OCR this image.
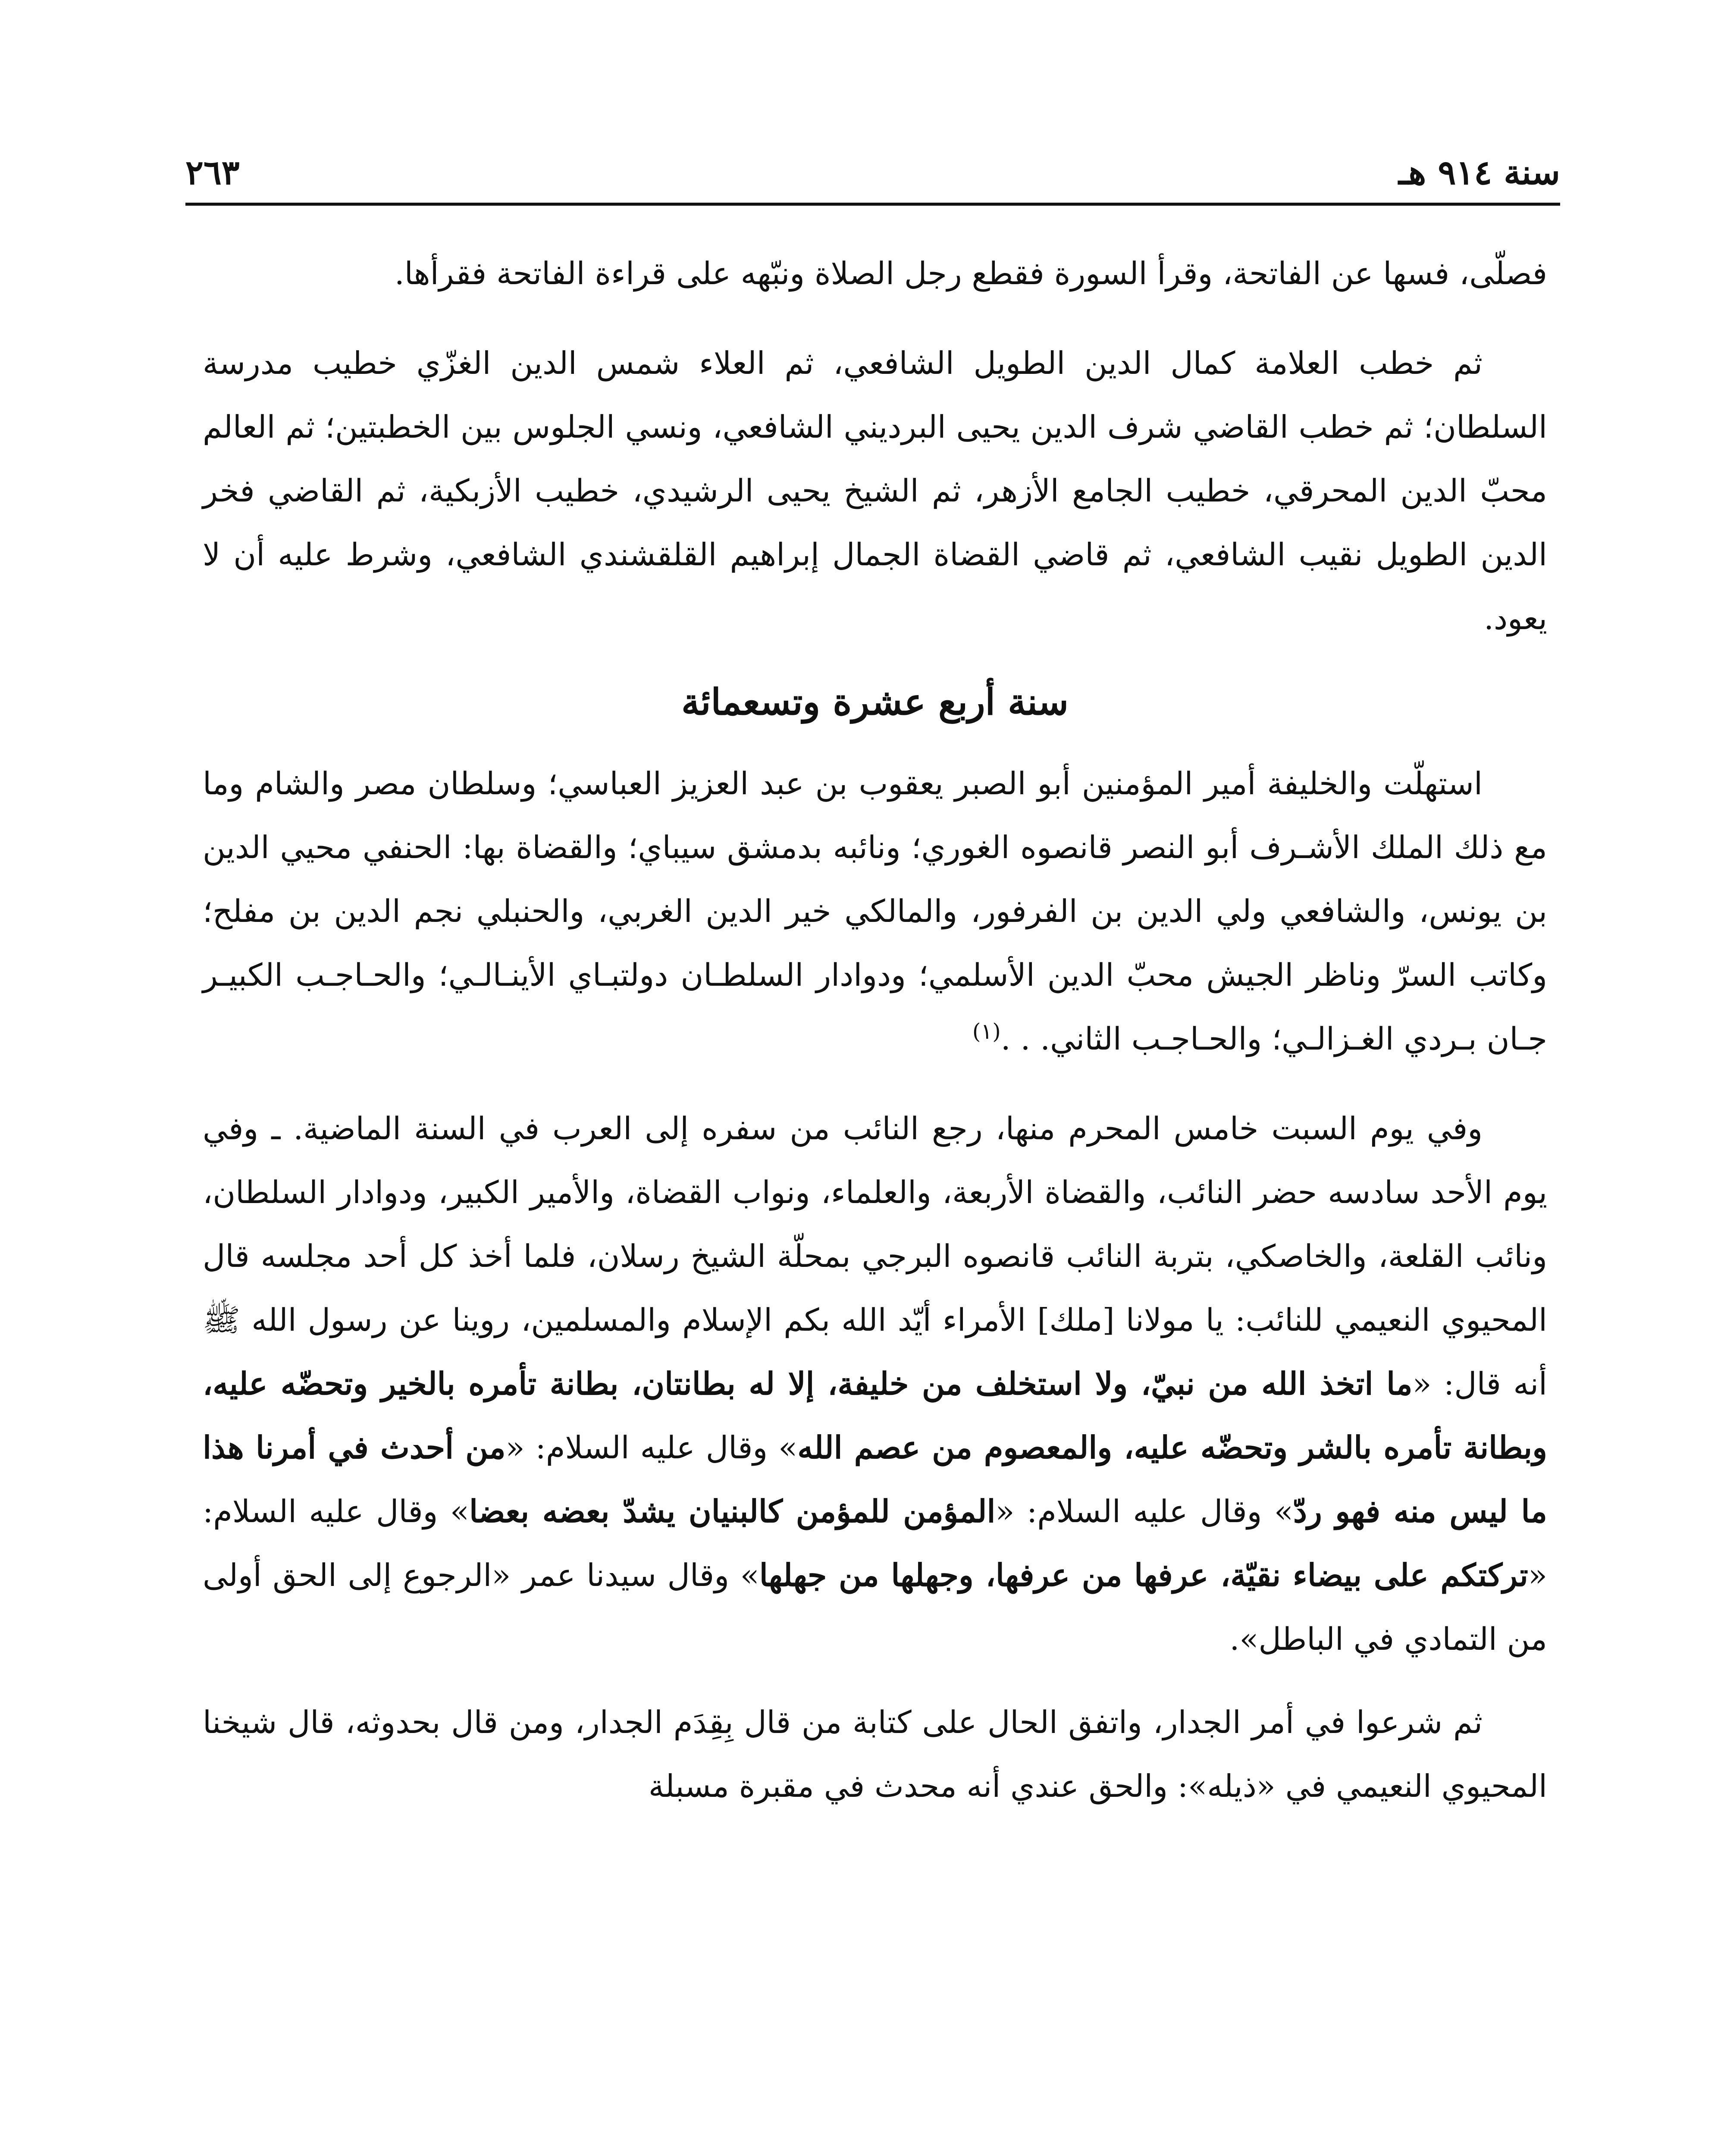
سنة ٩١٤ هـ
٢٦٣

فصلّى، فسها عن الفاتحة، وقرأ السورة فقطع رجل الصلاة ونبّهه على قراءة الفاتحة فقرأها.

ثم خطب العلامة كمال الدين الطويل الشافعي، ثم العلاء شمس الدين الغزّي خطيب مدرسة السلطان؛ ثم خطب القاضي شرف الدين يحيى البرديني الشافعي، ونسي الجلوس بين الخطبتين؛ ثم العالم محبّ الدين المحرقي، خطيب الجامع الأزهر، ثم الشيخ يحيى الرشيدي، خطيب الأزبكية، ثم القاضي فخر الدين الطويل نقيب الشافعي، ثم قاضي القضاة الجمال إبراهيم القلقشندي الشافعي، وشرط عليه أن لا يعود.

سنة أربع عشرة وتسعمائة

استهلّت والخليفة أمير المؤمنين أبو الصبر يعقوب بن عبد العزيز العباسي؛ وسلطان مصر والشام وما مع ذلك الملك الأشـرف أبو النصر قانصوه الغوري؛ ونائبه بدمشق سيباي؛ والقضاة بها: الحنفي محيي الدين بن يونس، والشافعي ولي الدين بن الفرفور، والمالكي خير الدين الغربي، والحنبلي نجم الدين بن مفلح؛ وكاتب السرّ وناظر الجيش محبّ الدين الأسلمي؛ ودوادار السلطـان دولتبـاي الأينـالـي؛ والحـاجـب الكبيـر جـان بـردي الغـزالـي؛ والحـاجـب الثاني. . .$^{(١)}$

وفي يوم السبت خامس المحرم منها، رجع النائب من سفره إلى العرب في السنة الماضية. ـ وفي يوم الأحد سادسه حضر النائب، والقضاة الأربعة، والعلماء، ونواب القضاة، والأمير الكبير، ودوادار السلطان، ونائب القلعة، والخاصكي، بتربة النائب قانصوه البرجي بمحلّة الشيخ رسلان، فلما أخذ كل أحد مجلسه قال المحيوي النعيمي للنائب: يا مولانا [ملك] الأمراء أيّد الله بكم الإسلام والمسلمين، روينا عن رسول الله ﷺ أنه قال: «ما اتخذ الله من نبيّ، ولا استخلف من خليفة، إلا له بطانتان، بطانة تأمره بالخير وتحضّه عليه، وبطانة تأمره بالشر وتحضّه عليه، والمعصوم من عصم الله» وقال عليه السلام: «من أحدث في أمرنا هذا ما ليس منه فهو ردّ» وقال عليه السلام: «المؤمن للمؤمن كالبنيان يشدّ بعضه بعضا» وقال عليه السلام: «تركتكم على بيضاء نقيّة، عرفها من عرفها، وجهلها من جهلها» وقال سيدنا عمر «الرجوع إلى الحق أولى من التمادي في الباطل».

ثم شرعوا في أمر الجدار، واتفق الحال على كتابة من قال بِقِدَم الجدار، ومن قال بحدوثه، قال شيخنا المحيوي النعيمي في «ذيله»: والحق عندي أنه محدث في مقبرة مسبلة
